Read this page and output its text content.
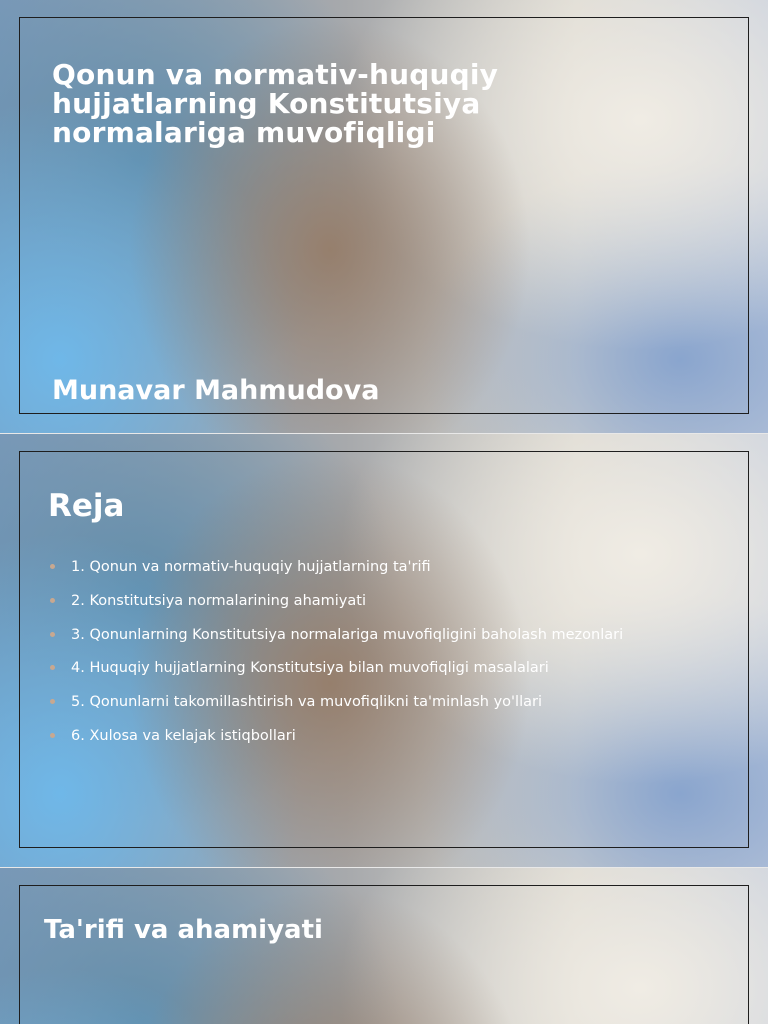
Qonun va normativ-huquqiy hujjatlarning Konstitutsiya normalariga muvofiqligi

Munavar Mahmudova

Reja
1. Qonun va normativ-huquqiy hujjatlarning ta'rifi
2. Konstitutsiya normalarining ahamiyati
3. Qonunlarning Konstitutsiya normalariga muvofiqligini baholash mezonlari
4. Huquqiy hujjatlarning Konstitutsiya bilan muvofiqligi masalalari
5. Qonunlarni takomillashtirish va muvofiqlikni ta'minlash yo'llari
6. Xulosa va kelajak istiqbollari
Ta'rifi va ahamiyati
